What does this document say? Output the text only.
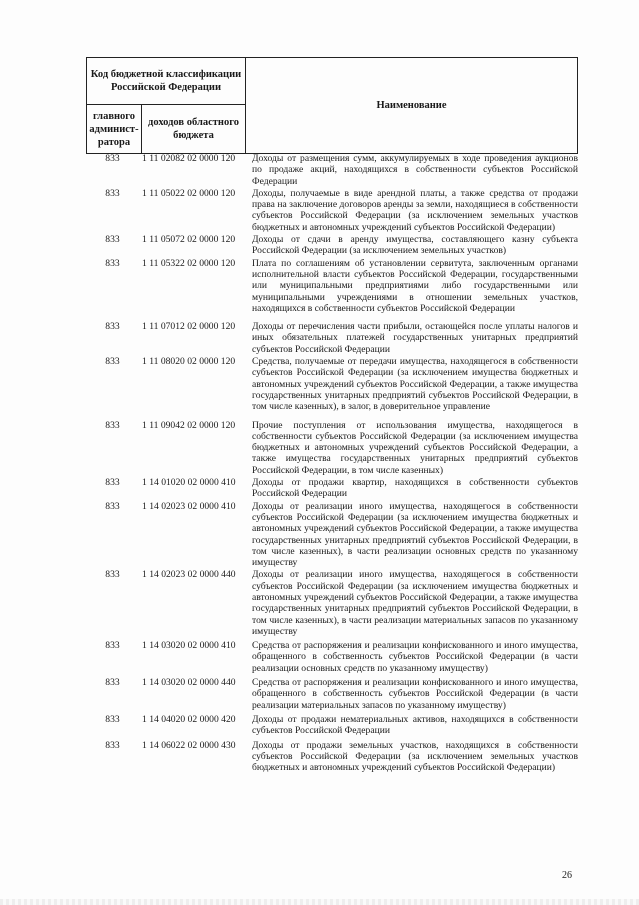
Код бюджетной классификации Российской Федерации		Наименование
главного админист-ратора	доходов областного бюджета	
833	1 11 02082 02 0000 120	Доходы от размещения сумм, аккумулируемых в ходе проведения аукционов по продаже акций, находящихся в собственности субъектов Российской Федерации
833	1 11 05022 02 0000 120	Доходы, получаемые в виде арендной платы, а также средства от продажи права на заключение договоров аренды за земли, находящиеся в собственности субъектов Российской Федерации (за исключением земельных участков бюджетных и автономных учреждений субъектов Российской Федерации)
833	1 11 05072 02 0000 120	Доходы от сдачи в аренду имущества, составляющего казну субъекта Российской Федерации (за исключением земельных участков)
833	1 11 05322 02 0000 120	Плата по соглашениям об установлении сервитута, заключенным органами исполнительной власти субъектов Российской Федерации, государственными или муниципальными предприятиями либо государственными или муниципальными учреждениями в отношении земельных участков, находящихся в собственности субъектов Российской Федерации
833	1 11 07012 02 0000 120	Доходы от перечисления части прибыли, остающейся после уплаты налогов и иных обязательных платежей государственных унитарных предприятий субъектов Российской Федерации
833	1 11 08020 02 0000 120	Средства, получаемые от передачи имущества, находящегося в собственности субъектов Российской Федерации (за исключением имущества бюджетных и автономных учреждений субъектов Российской Федерации, а также имущества государственных унитарных предприятий субъектов Российской Федерации, в том числе казенных), в залог, в доверительное управление
833	1 11 09042 02 0000 120	Прочие поступления от использования имущества, находящегося в собственности субъектов Российской Федерации (за исключением имущества бюджетных и автономных учреждений субъектов Российской Федерации, а также имущества государственных унитарных предприятий субъектов Российской Федерации, в том числе казенных)
833	1 14 01020 02 0000 410	Доходы от продажи квартир, находящихся в собственности субъектов Российской Федерации
833	1 14 02023 02 0000 410	Доходы от реализации иного имущества, находящегося в собственности субъектов Российской Федерации (за исключением имущества бюджетных и автономных учреждений субъектов Российской Федерации, а также имущества государственных унитарных предприятий субъектов Российской Федерации, в том числе казенных), в части реализации основных средств по указанному имуществу
833	1 14 02023 02 0000 440	Доходы от реализации иного имущества, находящегося в собственности субъектов Российской Федерации (за исключением имущества бюджетных и автономных учреждений субъектов Российской Федерации, а также имущества государственных унитарных предприятий субъектов Российской Федерации, в том числе казенных), в части реализации материальных запасов по указанному имуществу
833	1 14 03020 02 0000 410	Средства от распоряжения и реализации конфискованного и иного имущества, обращенного в собственность субъектов Российской Федерации (в части реализации основных средств по указанному имуществу)
833	1 14 03020 02 0000 440	Средства от распоряжения и реализации конфискованного и иного имущества, обращенного в собственность субъектов Российской Федерации (в части реализации материальных запасов по указанному имуществу)
833	1 14 04020 02 0000 420	Доходы от продажи нематериальных активов, находящихся в собственности субъектов Российской Федерации
833	1 14 06022 02 0000 430	Доходы от продажи земельных участков, находящихся в собственности субъектов Российской Федерации (за исключением земельных участков бюджетных и автономных учреждений субъектов Российской Федерации)
26
